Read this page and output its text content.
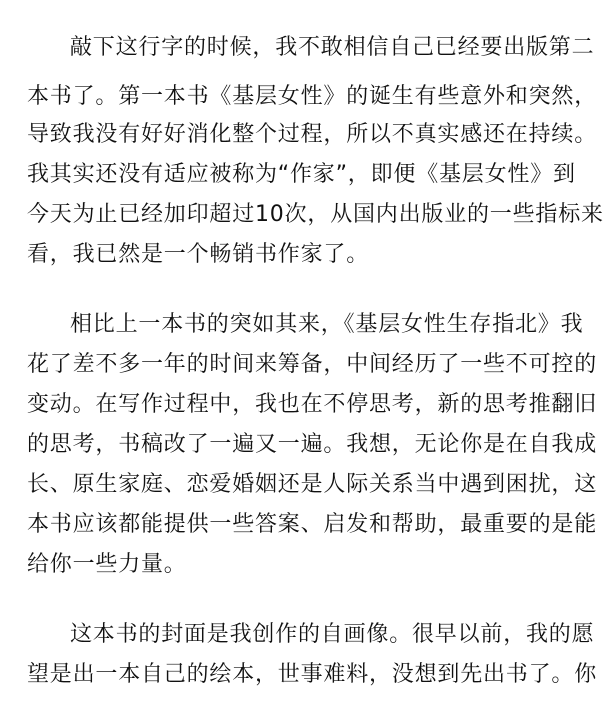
敲下这行字的时候，我不敢相信自己已经要出版第二
本书了。第一本书《基层女性》的诞生有些意外和突然，
导致我没有好好消化整个过程，所以不真实感还在持续。
我其实还没有适应被称为“作家”，即便《基层女性》到
今天为止已经加印超过10次，从国内出版业的一些指标来
看，我已然是一个畅销书作家了。
相比上一本书的突如其来，《基层女性生存指北》我
花了差不多一年的时间来筹备，中间经历了一些不可控的
变动。在写作过程中，我也在不停思考，新的思考推翻旧
的思考，书稿改了一遍又一遍。我想，无论你是在自我成
长、原生家庭、恋爱婚姻还是人际关系当中遇到困扰，这
本书应该都能提供一些答案、启发和帮助，最重要的是能
给你一些力量。
这本书的封面是我创作的自画像。很早以前，我的愿
望是出一本自己的绘本，世事难料，没想到先出书了。你
